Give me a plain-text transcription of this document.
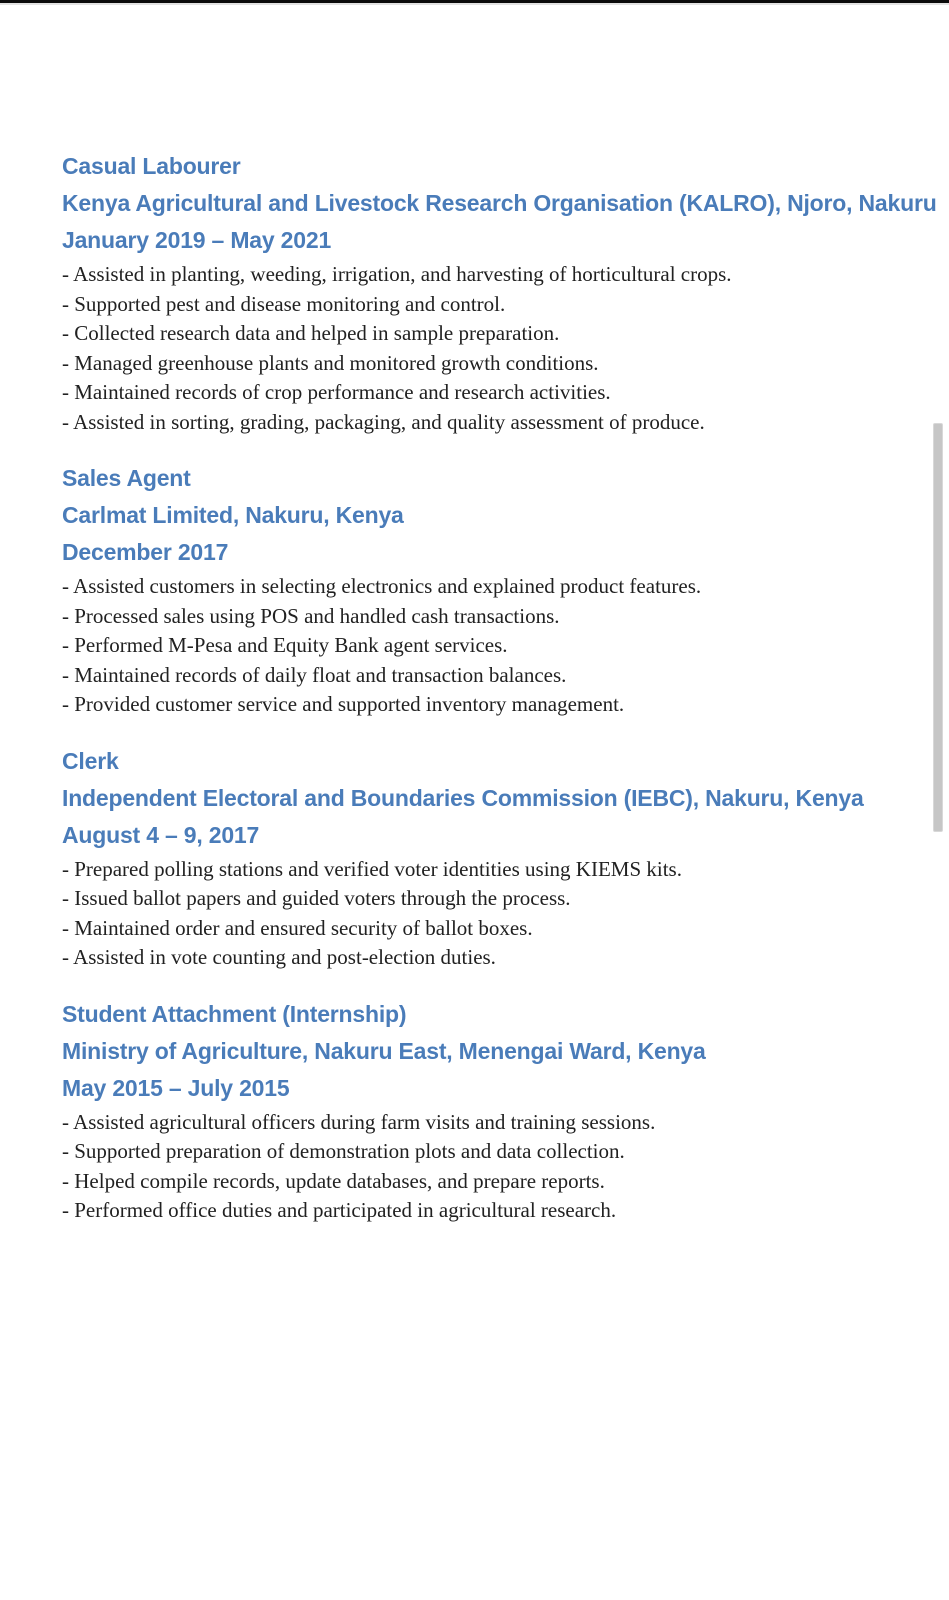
Casual Labourer
Kenya Agricultural and Livestock Research Organisation (KALRO), Njoro, Nakuru
January 2019 – May 2021
- Assisted in planting, weeding, irrigation, and harvesting of horticultural crops.
- Supported pest and disease monitoring and control.
- Collected research data and helped in sample preparation.
- Managed greenhouse plants and monitored growth conditions.
- Maintained records of crop performance and research activities.
- Assisted in sorting, grading, packaging, and quality assessment of produce.
Sales Agent
Carlmat Limited, Nakuru, Kenya
December 2017
- Assisted customers in selecting electronics and explained product features.
- Processed sales using POS and handled cash transactions.
- Performed M-Pesa and Equity Bank agent services.
- Maintained records of daily float and transaction balances.
- Provided customer service and supported inventory management.
Clerk
Independent Electoral and Boundaries Commission (IEBC), Nakuru, Kenya
August 4 – 9, 2017
- Prepared polling stations and verified voter identities using KIEMS kits.
- Issued ballot papers and guided voters through the process.
- Maintained order and ensured security of ballot boxes.
- Assisted in vote counting and post-election duties.
Student Attachment (Internship)
Ministry of Agriculture, Nakuru East, Menengai Ward, Kenya
May 2015 – July 2015
- Assisted agricultural officers during farm visits and training sessions.
- Supported preparation of demonstration plots and data collection.
- Helped compile records, update databases, and prepare reports.
- Performed office duties and participated in agricultural research.
